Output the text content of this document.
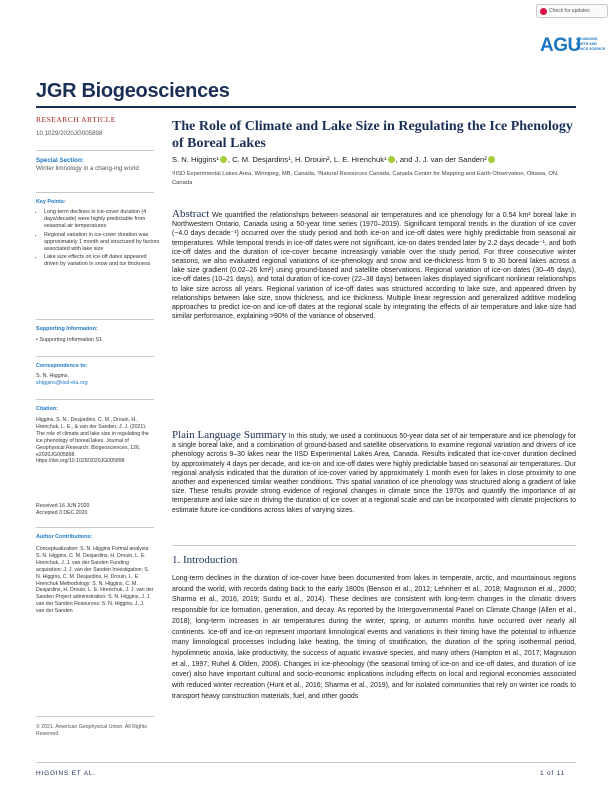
Check for updates
AGU
ADVANCING
EARTH AND
SPACE SCIENCE
JGR Biogeosciences
RESEARCH ARTICLE
10.1029/2020JG005898
Special Section:
Winter limnology in a chang-ing world
Key Points:
• Long-term declines in ice-cover duration (4 days/decade) were highly predictable from seasonal air temperatures
• Regional variation in ice-cover duration was approximately 1 month and structured by factors associated with lake size
• Lake size effects on ice-off dates appeared driven by variation in snow and ice thickness
Supporting Information:
• Supporting Information S1
Correspondence to:
S. N. Higgins,
shiggins@iisd-ela.org
Citation:
Higgins, S. N., Desjardins, C. M., Drouin, H., Hrenchuk, L. E., & van der Sanden, J. J. (2021). The role of climate and lake size in regulating the ice phenology of boreal lakes. Journal of Geophysical Research: Biogeosciences, 126, e2020JG005898. https://doi.org/10.1029/2020JG005898
Received 16 JUN 2020
Accepted 3 DEC 2020
Author Contributions:
Conceptualization: S. N. Higgins Formal analysis: S. N. Higgins, C. M. Desjardins, H. Drouin, L. E. Hrenchuk, J. J. van der Sanden Funding acquisition: J. J. van der Sanden Investigation: S. N. Higgins, C. M. Desjardins, H. Drouin, L. E. Hrenchuk Methodology: S. N. Higgins, C. M. Desjardins, H. Drouin, L. E. Hrenchuk, J. J. van der Sanden Project administration: S. N. Higgins, J. J. van der Sanden Resources: S. N. Higgins, J. J. van der Sanden
© 2021. American Geophysical Union. All Rights Reserved.
The Role of Climate and Lake Size in Regulating the Ice Phenology of Boreal Lakes
S. N. Higgins¹ , C. M. Desjardins¹, H. Drouin², L. E. Hrenchuk¹ , and J. J. van der Sanden²
¹IISD Experimental Lakes Area, Winnipeg, MB, Canada, ²Natural Resources Canada, Canada Center for Mapping and Earth Observation, Ottawa, ON, Canada
Abstract We quantified the relationships between seasonal air temperatures and ice phenology for a 0.54 km² boreal lake in Northwestern Ontario, Canada using a 50-year time series (1970–2019). Significant temporal trends in the duration of ice cover (−4.0 days decade⁻¹) occurred over the study period and both ice-on and ice-off dates were highly predictable from seasonal air temperatures. While temporal trends in ice-off dates were not significant, ice-on dates trended later by 2.2 days decade⁻¹, and both ice-off dates and the duration of ice-cover became increasingly variable over the study period. For three consecutive winter seasons, we also evaluated regional variations of ice-phenology and snow and ice-thickness from 9 to 30 boreal lakes across a lake size gradient (0.02–26 km²) using ground-based and satellite observations. Regional variation of ice-on dates (30–45 days), ice-off dates (10–21 days), and total duration of ice-cover (22–38 days) between lakes displayed significant nonlinear relationships to lake size across all years. Regional variation of ice-off dates was structured according to lake size, and appeared driven by relationships between lake size, snow thickness, and ice thickness. Multiple linear regression and generalized additive modeling approaches to predict ice-on and ice-off dates at the regional scale by integrating the effects of air temperature and lake size had similar performance, explaining >90% of the variance of observed.
Plain Language Summary In this study, we used a continuous 50-year data set of air temperature and ice phenology for a single boreal lake, and a combination of ground-based and satellite observations to examine regional variation and drivers of ice phenology across 9–30 lakes near the IISD Experimental Lakes Area, Canada. Results indicated that ice-cover duration declined by approximately 4 days per decade, and ice-on and ice-off dates were highly predictable based on seasonal air temperatures. Our regional analysis indicated that the duration of ice-cover varied by approximately 1 month even for lakes in close proximity to one another and experienced similar weather conditions. This spatial variation of ice phenology was structured along a gradient of lake size. These results provide strong evidence of regional changes in climate since the 1970s and quantify the importance of air temperature and lake size in driving the duration of ice cover at a regional scale and can be incorporated with climate projections to estimate future ice-conditions across lakes of varying sizes.
1. Introduction
Long-term declines in the duration of ice-cover have been documented from lakes in temperate, arctic, and mountainous regions around the world, with records dating back to the early 1800s (Benson et al., 2012; Lehnherr et al., 2018; Magnuson et al., 2000; Sharma et al., 2016, 2019; Surdu et al., 2014). These declines are consistent with long-term changes in the climatic drivers responsible for ice formation, generation, and decay. As reported by the Intergovernmental Panel on Climate Change (Allen et al., 2018), long-term increases in air temperatures during the winter, spring, or autumn months have occurred over nearly all continents. Ice-off and ice-on represent important limnological events and variations in their timing have the potential to influence many limnological processes including lake heating, the timing of stratification, the duration of the spring isothermal period, hypolimnetic anoxia, lake productivity, the success of aquatic invasive species, and many others (Hampton et al., 2017; Magnuson et al., 1997; Ruhel & Olden, 2008). Changes in ice-phenology (the seasonal timing of ice-on and ice-off dates, and duration of ice cover) also have important cultural and socio-economic implications including effects on local and regional economies associated with reduced winter recreation (Hunt et al., 2016; Sharma et al., 2019), and for isolated communities that rely on winter ice roads to transport heavy construction materials, fuel, and other goods
HIGGINS ET AL.	1 of 11
